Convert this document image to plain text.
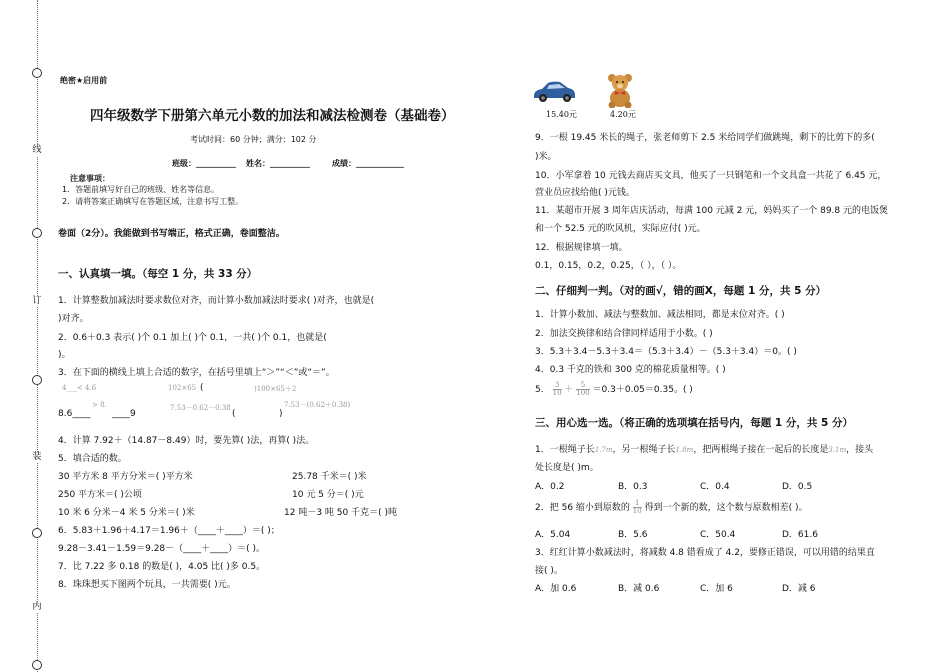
线
订
装
内
绝密★启用前
四年级数学下册第六单元小数的加法和减法检测卷（基础卷）
考试时间：60 分钟；满分：102 分
班级：__________ 姓名：__________	成绩：____________
注意事项：
1．答题前填写好自己的班级、姓名等信息。
2．请将答案正确填写在答题区域，注意书写工整。
卷面（2分）。我能做到书写端正，格式正确，卷面整洁。
一、认真填一填。（每空 1 分，共 33 分）
1．计算整数加减法时要求数位对齐，而计算小数加减法时要求( )对齐，也就是(
)对齐。
2．0.6＋0.3 表示( )个 0.1 加上( )个 0.1，一共( )个 0.1，也就是(
)。
3．在下面的横线上填上合适的数字，在括号里填上“＞”“＜”或“＝”。
4___< 4.6	102×65 (	)100×65＋2
> 8.	7.53－0.62－0.38	7.53－(0.62＋0.38)
8.6____ ____9	(	)
4．计算 7.92＋（14.87－8.49）时，要先算( )法，再算( )法。
5．填合适的数。
30 平方米 8 平方分米＝( )平方米	25.78 千米＝( )米
250 平方米＝( )公顷	10 元 5 分＝( )元
10 米 6 分米－4 米 5 分米＝( )米	12 吨－3 吨 50 千克＝( )吨
6．5.83＋1.96＋4.17＝1.96＋（____＋____）＝( )；
9.28－3.41－1.59＝9.28－（____＋____）＝( )。
7．比 7.22 多 0.18 的数是( )，4.05 比( )多 0.5。
8．珠珠想买下图两个玩具，一共需要( )元。
15.40元	4.20元
9．一根 19.45 米长的绳子，张老师剪下 2.5 米给同学们做跳绳，剩下的比剪下的多(
)米。
10．小军拿着 10 元钱去商店买文具，他买了一只钢笔和一个文具盒一共花了 6.45 元，
营业员应找给他( )元钱。
11．某超市开展 3 周年店庆活动，每满 100 元减 2 元，妈妈买了一个 89.8 元的电饭煲
和一个 52.5 元的吹风机，实际应付( )元。
12．根据规律填一填。
0.1，0.15，0.2，0.25，（ ），（ ）。
二、仔细判一判。（对的画√，错的画X，每题 1 分，共 5 分）
1．计算小数加、减法与整数加、减法相同，都是末位对齐。( )
2．加法交换律和结合律同样适用于小数。( )
3．5.3＋3.4－5.3＋3.4＝（5.3＋3.4）－（5.3＋3.4）＝0。( )
4．0.3 千克的铁和 300 克的棉花质量相等。( )
5． $\frac{3}{10} + \frac{5}{100} =0.3+0.05=0.35$。( )
三、用心选一选。（将正确的选项填在括号内，每题 1 分，共 5 分）
1．一根绳子长1.7m，另一根绳子长1.8m，把两根绳子接在一起后的长度是3.1m，接头
处长度是( )m。
A．0.2	B．0.3	C．0.4	D．0.5
2．把 56 缩小到原数的 $\frac{1}{10}$ 得到一个新的数，这个数与原数相差( )。
A．5.04	B．5.6	C．50.4	D．61.6
3．红红计算小数减法时，将减数 4.8 错看成了 4.2，要修正错误，可以用错的结果直
接( )。
A．加 0.6	B．减 0.6	C．加 6	D．减 6
